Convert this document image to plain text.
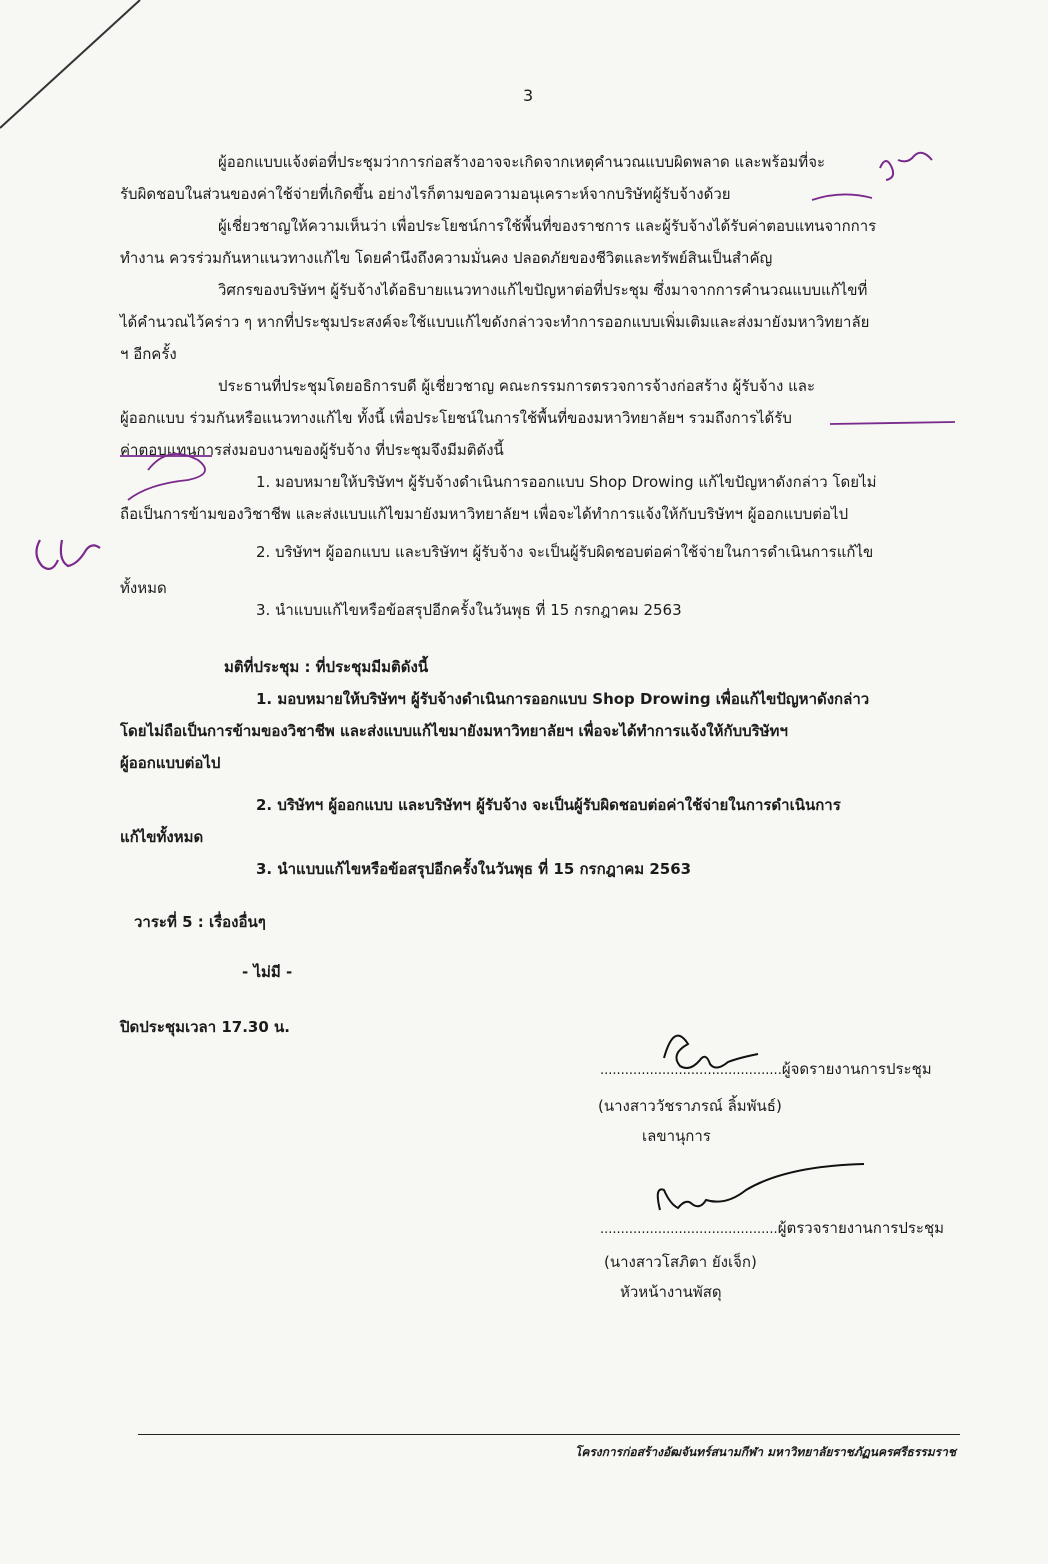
3
ผู้ออกแบบแจ้งต่อที่ประชุมว่าการก่อสร้างอาจจะเกิดจากเหตุคำนวณแบบผิดพลาด และพร้อมที่จะ
รับผิดชอบในส่วนของค่าใช้จ่ายที่เกิดขึ้น อย่างไรก็ตามขอความอนุเคราะห์จากบริษัทผู้รับจ้างด้วย
ผู้เชี่ยวชาญให้ความเห็นว่า เพื่อประโยชน์การใช้พื้นที่ของราชการ และผู้รับจ้างได้รับค่าตอบแทนจากการ
ทำงาน ควรร่วมกันหาแนวทางแก้ไข โดยคำนึงถึงความมั่นคง ปลอดภัยของชีวิตและทรัพย์สินเป็นสำคัญ
วิศกรของบริษัทฯ ผู้รับจ้างได้อธิบายแนวทางแก้ไขปัญหาต่อที่ประชุม ซึ่งมาจากการคำนวณแบบแก้ไขที่
ได้คำนวณไว้คร่าว ๆ หากที่ประชุมประสงค์จะใช้แบบแก้ไขดังกล่าวจะทำการออกแบบเพิ่มเติมและส่งมายังมหาวิทยาลัย
ฯ อีกครั้ง
ประธานที่ประชุมโดยอธิการบดี ผู้เชี่ยวชาญ คณะกรรมการตรวจการจ้างก่อสร้าง ผู้รับจ้าง และ
ผู้ออกแบบ ร่วมกันหรือแนวทางแก้ไข ทั้งนี้ เพื่อประโยชน์ในการใช้พื้นที่ของมหาวิทยาลัยฯ รวมถึงการได้รับ
ค่าตอบแทนการส่งมอบงานของผู้รับจ้าง ที่ประชุมจึงมีมติดังนี้
1. มอบหมายให้บริษัทฯ ผู้รับจ้างดำเนินการออกแบบ Shop Drowing แก้ไขปัญหาดังกล่าว โดยไม่
ถือเป็นการข้ามของวิชาชีพ และส่งแบบแก้ไขมายังมหาวิทยาลัยฯ เพื่อจะได้ทำการแจ้งให้กับบริษัทฯ ผู้ออกแบบต่อไป
2. บริษัทฯ ผู้ออกแบบ และบริษัทฯ ผู้รับจ้าง จะเป็นผู้รับผิดชอบต่อค่าใช้จ่ายในการดำเนินการแก้ไข
ทั้งหมด
3. นำแบบแก้ไขหรือข้อสรุปอีกครั้งในวันพุธ ที่ 15 กรกฎาคม 2563
มติที่ประชุม : ที่ประชุมมีมติดังนี้
1. มอบหมายให้บริษัทฯ ผู้รับจ้างดำเนินการออกแบบ Shop Drowing เพื่อแก้ไขปัญหาดังกล่าว
โดยไม่ถือเป็นการข้ามของวิชาชีพ และส่งแบบแก้ไขมายังมหาวิทยาลัยฯ เพื่อจะได้ทำการแจ้งให้กับบริษัทฯ
ผู้ออกแบบต่อไป
2. บริษัทฯ ผู้ออกแบบ และบริษัทฯ ผู้รับจ้าง จะเป็นผู้รับผิดชอบต่อค่าใช้จ่ายในการดำเนินการ
แก้ไขทั้งหมด
3. นำแบบแก้ไขหรือข้อสรุปอีกครั้งในวันพุธ ที่ 15 กรกฎาคม 2563
วาระที่ 5 : เรื่องอื่นๆ
- ไม่มี -
ปิดประชุมเวลา 17.30 น.
............................................ผู้จดรายงานการประชุม
(นางสาววัชราภรณ์ ลิ้มพันธ์)
เลขานุการ
...........................................ผู้ตรวจรายงานการประชุม
(นางสาวโสภิตา ยังเจ็ก)
หัวหน้างานพัสดุ
โครงการก่อสร้างอัฒจันทร์สนามกีฬา มหาวิทยาลัยราชภัฏนครศรีธรรมราช
